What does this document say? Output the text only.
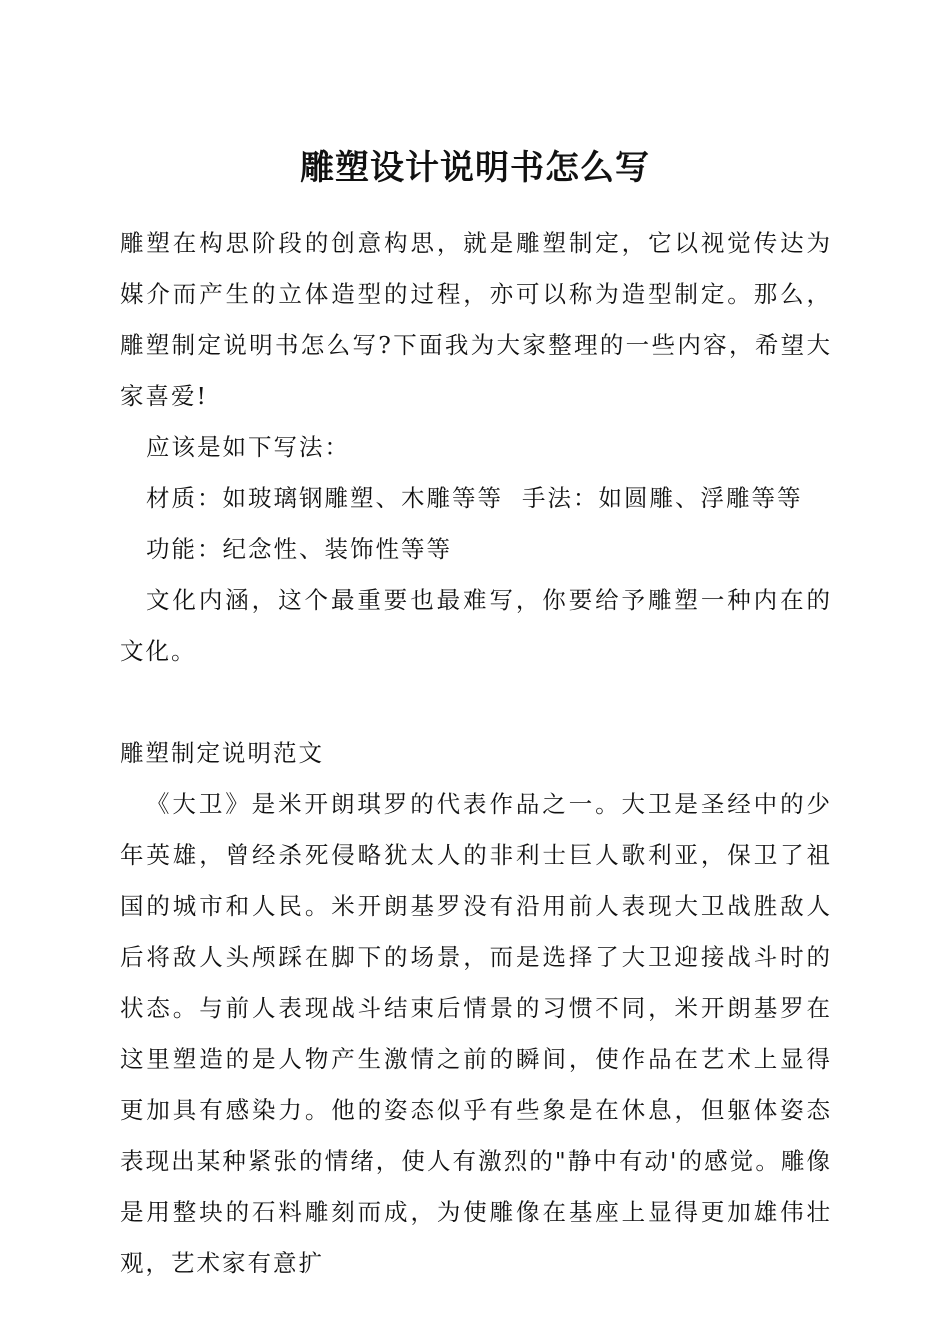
雕塑设计说明书怎么写

雕塑在构思阶段的创意构思，就是雕塑制定，它以视觉传达为媒介而产生的立体造型的过程，亦可以称为造型制定。那么，雕塑制定说明书怎么写?下面我为大家整理的一些内容，希望大家喜爱!

应该是如下写法：

材质：如玻璃钢雕塑、木雕等等  手法：如圆雕、浮雕等等

功能：纪念性、装饰性等等

文化内涵，这个最重要也最难写，你要给予雕塑一种内在的文化。

雕塑制定说明范文

《大卫》是米开朗琪罗的代表作品之一。大卫是圣经中的少年英雄，曾经杀死侵略犹太人的非利士巨人歌利亚，保卫了祖国的城市和人民。米开朗基罗没有沿用前人表现大卫战胜敌人后将敌人头颅踩在脚下的场景，而是选择了大卫迎接战斗时的状态。与前人表现战斗结束后情景的习惯不同，米开朗基罗在这里塑造的是人物产生激情之前的瞬间，使作品在艺术上显得更加具有感染力。他的姿态似乎有些象是在休息，但躯体姿态表现出某种紧张的情绪，使人有激烈的"静中有动'的感觉。雕像是用整块的石料雕刻而成，为使雕像在基座上显得更加雄伟壮观，艺术家有意扩
